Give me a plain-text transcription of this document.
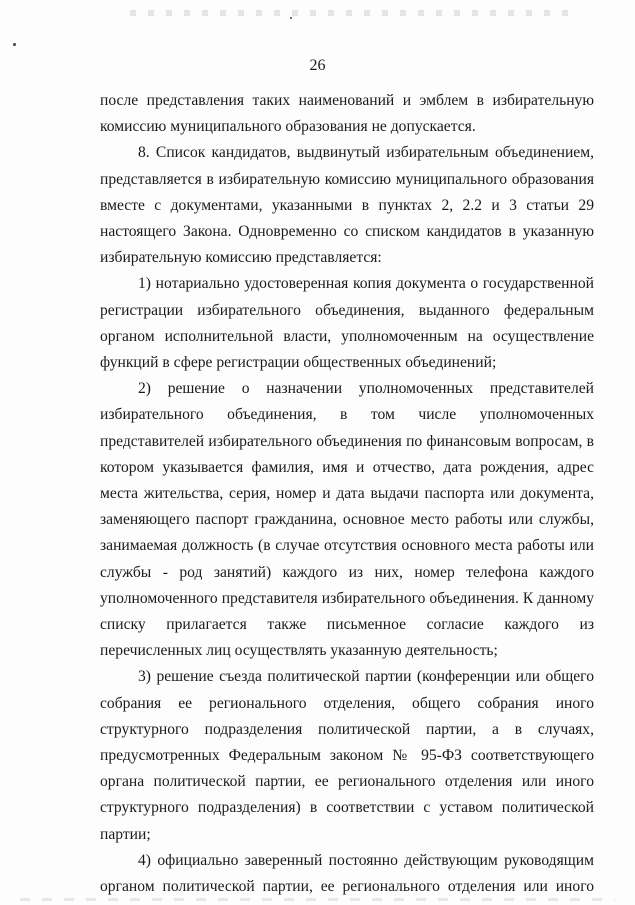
26

после представления таких наименований и эмблем в избирательную комиссию муниципального образования не допускается.

8. Список кандидатов, выдвинутый избирательным объединением, представляется в избирательную комиссию муниципального образования вместе с документами, указанными в пунктах 2, 2.2 и 3 статьи 29 настоящего Закона. Одновременно со списком кандидатов в указанную избирательную комиссию представляется:

1) нотариально удостоверенная копия документа о государственной регистрации избирательного объединения, выданного федеральным органом исполнительной власти, уполномоченным на осуществление функций в сфере регистрации общественных объединений;

2) решение о назначении уполномоченных представителей избирательного объединения, в том числе уполномоченных представителей избирательного объединения по финансовым вопросам, в котором указывается фамилия, имя и отчество, дата рождения, адрес места жительства, серия, номер и дата выдачи паспорта или документа, заменяющего паспорт гражданина, основное место работы или службы, занимаемая должность (в случае отсутствия основного места работы или службы - род занятий) каждого из них, номер телефона каждого уполномоченного представителя избирательного объединения. К данному списку прилагается также письменное согласие каждого из перечисленных лиц осуществлять указанную деятельность;

3) решение съезда политической партии (конференции или общего собрания ее регионального отделения, общего собрания иного структурного подразделения политической партии, а в случаях, предусмотренных Федеральным законом № 95-ФЗ соответствующего органа политической партии, ее регионального отделения или иного структурного подразделения) в соответствии с уставом политической партии;

4) официально заверенный постоянно действующим руководящим органом политической партии, ее регионального отделения или иного
